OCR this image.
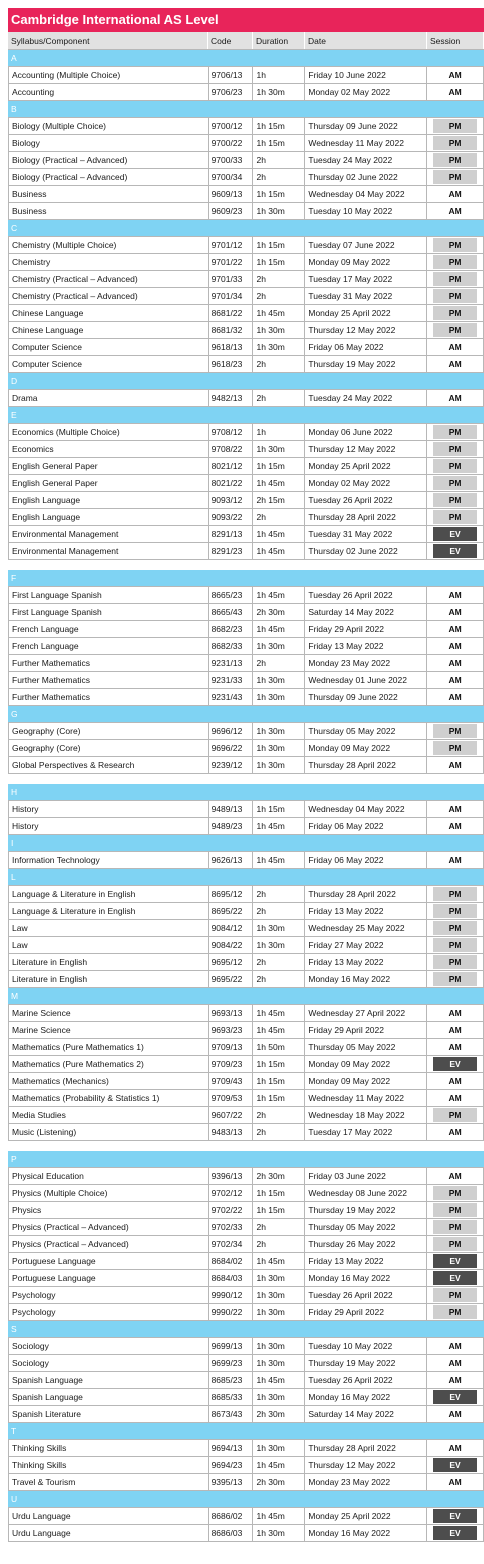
Cambridge International AS Level
Syllabus/Component	Code	Duration	Date	Session
A
Accounting (Multiple Choice)	9706/13	1h	Friday 10 June 2022	AM
Accounting	9706/23	1h 30m	Monday 02 May 2022	AM
B
Biology (Multiple Choice)	9700/12	1h 15m	Thursday 09 June 2022	PM
Biology	9700/22	1h 15m	Wednesday 11 May 2022	PM
Biology (Practical – Advanced)	9700/33	2h	Tuesday 24 May 2022	PM
Biology (Practical – Advanced)	9700/34	2h	Thursday 02 June 2022	PM
Business	9609/13	1h 15m	Wednesday 04 May 2022	AM
Business	9609/23	1h 30m	Tuesday 10 May 2022	AM
C
Chemistry (Multiple Choice)	9701/12	1h 15m	Tuesday 07 June 2022	PM
Chemistry	9701/22	1h 15m	Monday 09 May 2022	PM
Chemistry (Practical – Advanced)	9701/33	2h	Tuesday 17 May 2022	PM
Chemistry (Practical – Advanced)	9701/34	2h	Tuesday 31 May 2022	PM
Chinese Language	8681/22	1h 45m	Monday 25 April 2022	PM
Chinese Language	8681/32	1h 30m	Thursday 12 May 2022	PM
Computer Science	9618/13	1h 30m	Friday 06 May 2022	AM
Computer Science	9618/23	2h	Thursday 19 May 2022	AM
D
Drama	9482/13	2h	Tuesday 24 May 2022	AM
E
Economics (Multiple Choice)	9708/12	1h	Monday 06 June 2022	PM
Economics	9708/22	1h 30m	Thursday 12 May 2022	PM
English General Paper	8021/12	1h 15m	Monday 25 April 2022	PM
English General Paper	8021/22	1h 45m	Monday 02 May 2022	PM
English Language	9093/12	2h 15m	Tuesday 26 April 2022	PM
English Language	9093/22	2h	Thursday 28 April 2022	PM
Environmental Management	8291/13	1h 45m	Tuesday 31 May 2022	EV
Environmental Management	8291/23	1h 45m	Thursday 02 June 2022	EV
F
First Language Spanish	8665/23	1h 45m	Tuesday 26 April 2022	AM
First Language Spanish	8665/43	2h 30m	Saturday 14 May 2022	AM
French Language	8682/23	1h 45m	Friday 29 April 2022	AM
French Language	8682/33	1h 30m	Friday 13 May 2022	AM
Further Mathematics	9231/13	2h	Monday 23 May 2022	AM
Further Mathematics	9231/33	1h 30m	Wednesday 01 June 2022	AM
Further Mathematics	9231/43	1h 30m	Thursday 09 June 2022	AM
G
Geography (Core)	9696/12	1h 30m	Thursday 05 May 2022	PM
Geography (Core)	9696/22	1h 30m	Monday 09 May 2022	PM
Global Perspectives & Research	9239/12	1h 30m	Thursday 28 April 2022	AM
H
History	9489/13	1h 15m	Wednesday 04 May 2022	AM
History	9489/23	1h 45m	Friday 06 May 2022	AM
I
Information Technology	9626/13	1h 45m	Friday 06 May 2022	AM
L
Language & Literature in English	8695/12	2h	Thursday 28 April 2022	PM
Language & Literature in English	8695/22	2h	Friday 13 May 2022	PM
Law	9084/12	1h 30m	Wednesday 25 May 2022	PM
Law	9084/22	1h 30m	Friday 27 May 2022	PM
Literature in English	9695/12	2h	Friday 13 May 2022	PM
Literature in English	9695/22	2h	Monday 16 May 2022	PM
M
Marine Science	9693/13	1h 45m	Wednesday 27 April 2022	AM
Marine Science	9693/23	1h 45m	Friday 29 April 2022	AM
Mathematics (Pure Mathematics 1)	9709/13	1h 50m	Thursday 05 May 2022	AM
Mathematics (Pure Mathematics 2)	9709/23	1h 15m	Monday 09 May 2022	EV
Mathematics (Mechanics)	9709/43	1h 15m	Monday 09 May 2022	AM
Mathematics (Probability & Statistics 1)	9709/53	1h 15m	Wednesday 11 May 2022	AM
Media Studies	9607/22	2h	Wednesday 18 May 2022	PM
Music (Listening)	9483/13	2h	Tuesday 17 May 2022	AM
P
Physical Education	9396/13	2h 30m	Friday 03 June 2022	AM
Physics (Multiple Choice)	9702/12	1h 15m	Wednesday 08 June 2022	PM
Physics	9702/22	1h 15m	Thursday 19 May 2022	PM
Physics (Practical – Advanced)	9702/33	2h	Thursday 05 May 2022	PM
Physics (Practical – Advanced)	9702/34	2h	Thursday 26 May 2022	PM
Portuguese Language	8684/02	1h 45m	Friday 13 May 2022	EV
Portuguese Language	8684/03	1h 30m	Monday 16 May 2022	EV
Psychology	9990/12	1h 30m	Tuesday 26 April 2022	PM
Psychology	9990/22	1h 30m	Friday 29 April 2022	PM
S
Sociology	9699/13	1h 30m	Tuesday 10 May 2022	AM
Sociology	9699/23	1h 30m	Thursday 19 May 2022	AM
Spanish Language	8685/23	1h 45m	Tuesday 26 April 2022	AM
Spanish Language	8685/33	1h 30m	Monday 16 May 2022	EV
Spanish Literature	8673/43	2h 30m	Saturday 14 May 2022	AM
T
Thinking Skills	9694/13	1h 30m	Thursday 28 April 2022	AM
Thinking Skills	9694/23	1h 45m	Thursday 12 May 2022	EV
Travel & Tourism	9395/13	2h 30m	Monday 23 May 2022	AM
U
Urdu Language	8686/02	1h 45m	Monday 25 April 2022	EV
Urdu Language	8686/03	1h 30m	Monday 16 May 2022	EV
